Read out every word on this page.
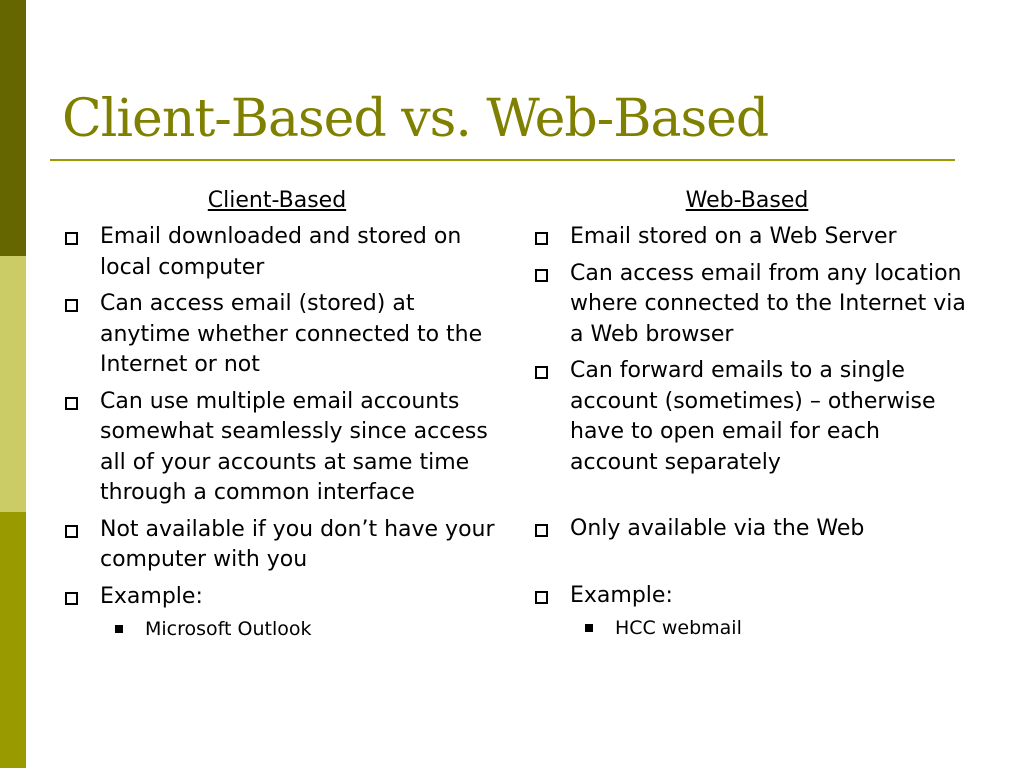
Client-Based vs. Web-Based
Client-Based
Email downloaded and stored on local computer
Can access email (stored) at anytime whether connected to the Internet or not
Can use multiple email accounts somewhat seamlessly since access all of your accounts at same time through a common interface
Not available if you don’t have your computer with you
Example:
Microsoft Outlook
Web-Based
Email stored on a Web Server
Can access email from any location where connected to the Internet via a Web browser
Can forward emails to a single account (sometimes) – otherwise have to open email for each account separately
Only available via the Web
Example:
HCC webmail
